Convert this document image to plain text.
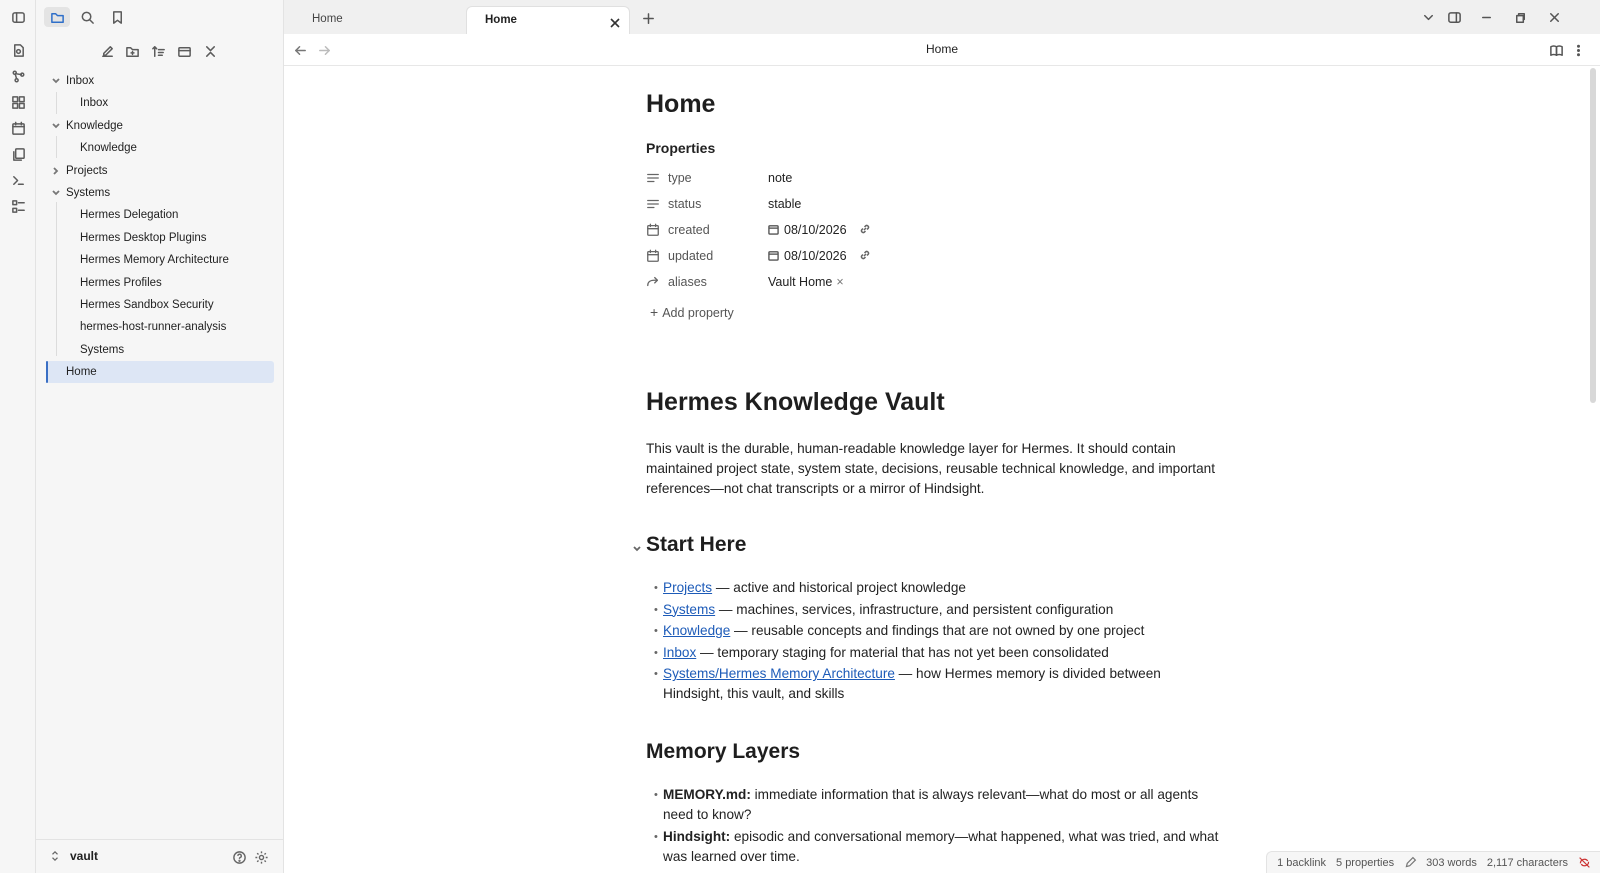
Inbox
Inbox
Knowledge
Knowledge
Projects
Systems
Hermes Delegation
Hermes Desktop Plugins
Hermes Memory Architecture
Hermes Profiles
Hermes Sandbox Security
hermes-host-runner-analysis
Systems
Home
vault
Home	Home
Home
Home
Properties
type	note
status	stable
created	08/10/2026
updated	08/10/2026
aliases	Vault Home ×
+ Add property
Hermes Knowledge Vault
This vault is the durable, human-readable knowledge layer for Hermes. It should contain maintained project state, system state, decisions, reusable technical knowledge, and important references—not chat transcripts or a mirror of Hindsight.
Start Here
• Projects — active and historical project knowledge
• Systems — machines, services, infrastructure, and persistent configuration
• Knowledge — reusable concepts and findings that are not owned by one project
• Inbox — temporary staging for material that has not yet been consolidated
• Systems/Hermes Memory Architecture — how Hermes memory is divided between Hindsight, this vault, and skills
Memory Layers
• MEMORY.md: immediate information that is always relevant—what do most or all agents need to know?
• Hindsight: episodic and conversational memory—what happened, what was tried, and what was learned over time.	1 backlink 5 properties	303 words 2,117 characters
